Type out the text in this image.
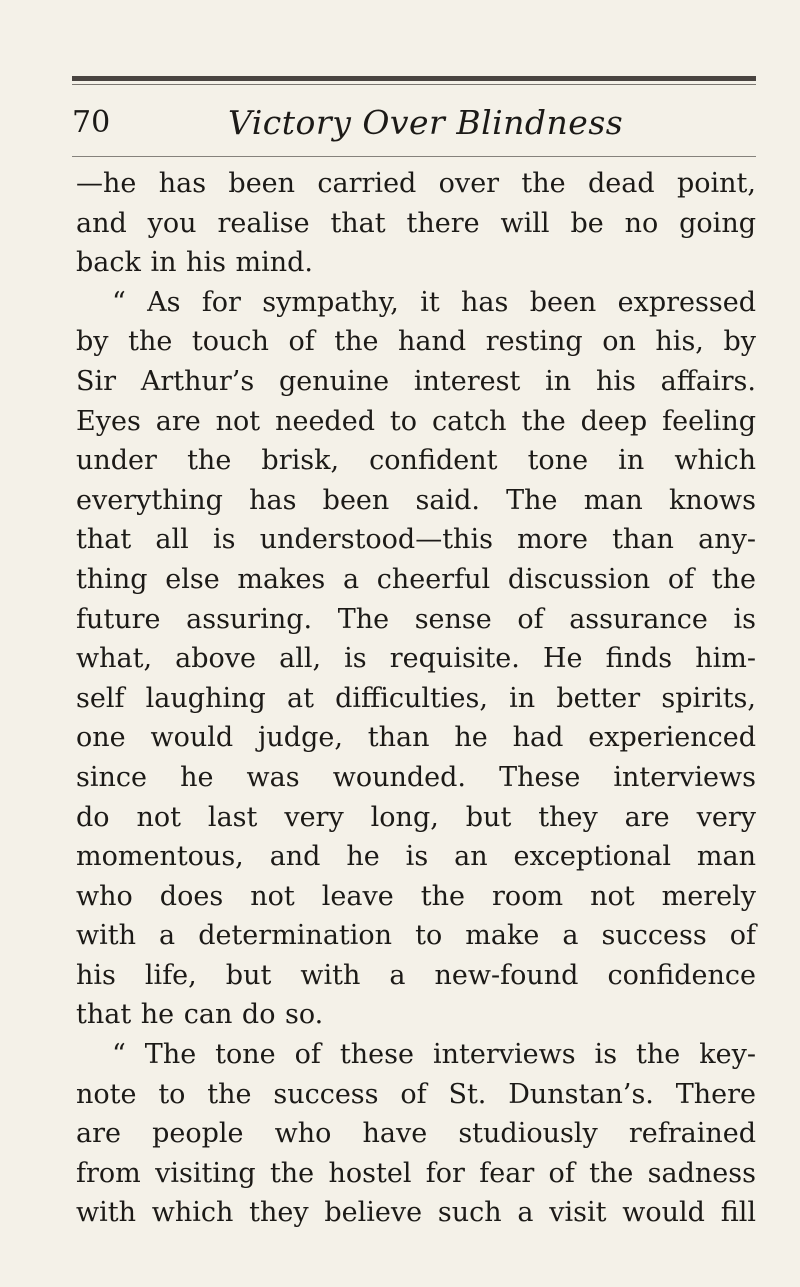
70	Victory Over Blindness
—he has been carried over the dead point,
and you realise that there will be no going
back in his mind.
“ As for sympathy, it has been expressed
by the touch of the hand resting on his, by
Sir Arthur’s genuine interest in his affairs.
Eyes are not needed to catch the deep feeling
under the brisk, confident tone in which
everything has been said. The man knows
that all is understood—this more than any-
thing else makes a cheerful discussion of the
future assuring. The sense of assurance is
what, above all, is requisite. He finds him-
self laughing at difficulties, in better spirits,
one would judge, than he had experienced
since he was wounded. These interviews
do not last very long, but they are very
momentous, and he is an exceptional man
who does not leave the room not merely
with a determination to make a success of
his life, but with a new-found confidence
that he can do so.
“ The tone of these interviews is the key-
note to the success of St. Dunstan’s. There
are people who have studiously refrained
from visiting the hostel for fear of the sadness
with which they believe such a visit would fill
